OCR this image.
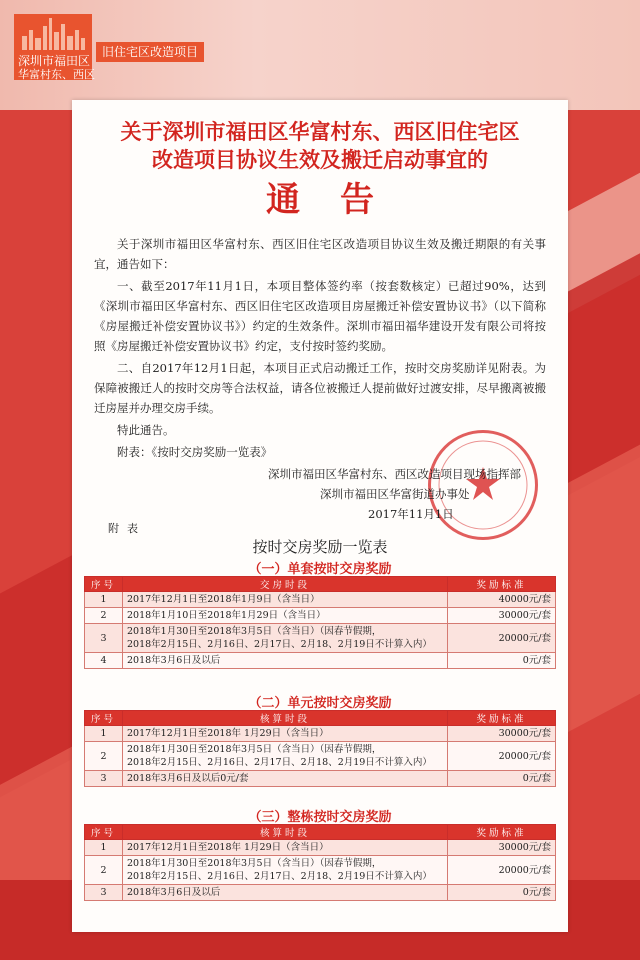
深圳市福田区
华富村东、西区
旧住宅区改造项目
关于深圳市福田区华富村东、西区旧住宅区
改造项目协议生效及搬迁启动事宜的
通告
关于深圳市福田区华富村东、西区旧住宅区改造项目协议生效及搬迁期限的有关事宜，通告如下：
一、截至2017年11月1日，本项目整体签约率（按套数核定）已超过90%，达到《深圳市福田区华富村东、西区旧住宅区改造项目房屋搬迁补偿安置协议书》（以下简称《房屋搬迁补偿安置协议书》）约定的生效条件。深圳市福田福华建设开发有限公司将按照《房屋搬迁补偿安置协议书》约定，支付按时签约奖励。
二、自2017年12月1日起，本项目正式启动搬迁工作，按时交房奖励详见附表。为保障被搬迁人的按时交房等合法权益，请各位被搬迁人提前做好过渡安排，尽早搬离被搬迁房屋并办理交房手续。
特此通告。
附表：《按时交房奖励一览表》
深圳市福田区华富村东、西区改造项目现场指挥部
深圳市福田区华富街道办事处
2017年11月1日
附表
按时交房奖励一览表
（一）单套按时交房奖励
序号	交房时段	奖励标准
1	2017年12月1日至2018年1月9日（含当日）	40000元/套
2	2018年1月10日至2018年1月29日（含当日）	30000元/套
3	2018年1月30日至2018年3月5日（含当日）（因春节假期，
2018年2月15日、2月16日、2月17日、2月18、2月19日不计算入内）	20000元/套
4	2018年3月6日及以后	0元/套
（二）单元按时交房奖励
序号	核算时段	奖励标准
1	2017年12月1日至2018年 1月29日（含当日）	30000元/套
2	2018年1月30日至2018年3月5日（含当日）（因春节假期，
2018年2月15日、2月16日、2月17日、2月18、2月19日不计算入内）	20000元/套
3	2018年3月6日及以后0元/套	0元/套
（三）整栋按时交房奖励
序号	核算时段	奖励标准
1	2017年12月1日至2018年 1月29日（含当日）	30000元/套
2	2018年1月30日至2018年3月5日（含当日）（因春节假期，
2018年2月15日、2月16日、2月17日、2月18、2月19日不计算入内）	20000元/套
3	2018年3月6日及以后	0元/套
